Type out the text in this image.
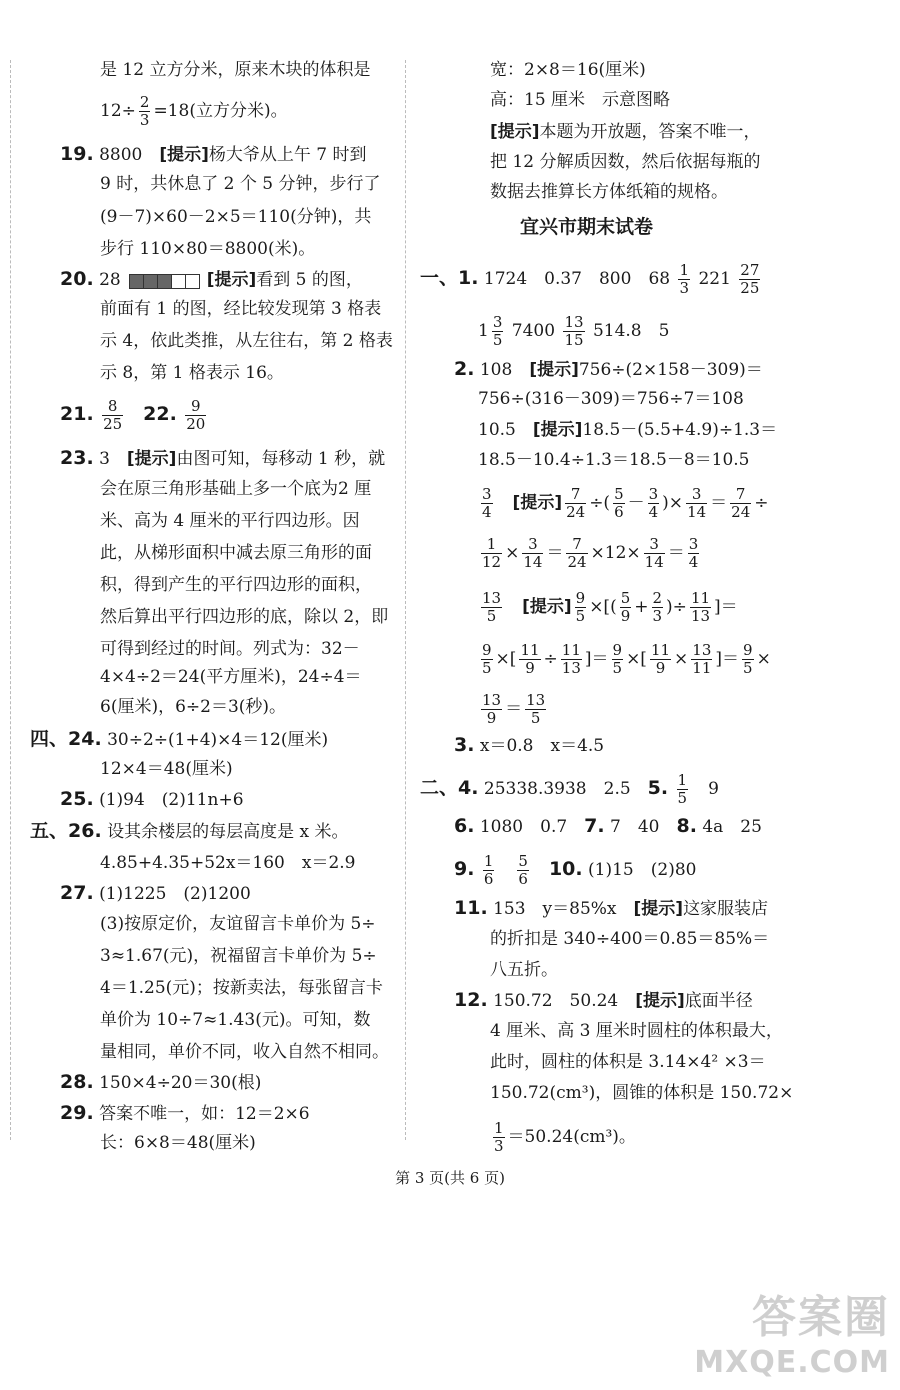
是 12 立方分米，原来木块的体积是
$12\div \frac{2}{3} =18$(立方分米)。
19. 8800　 [提示]杨大爷从上午 7 时到
9 时，共休息了 2 个 5 分钟，步行了
(9－7)×60－2×5＝110(分钟)，共
步行 110×80＝8800(米)。
20. 28	[提示]看到 5 的图，
前面有 1 的图，经比较发现第 3 格表
示 4，依此类推，从左往右，第 2 格表
示 8，第 1 格表示 16。
21. $\frac{8}{25}$
　 22. $\frac{9}{20}$
23. 3　 [提示]由图可知，每移动 1 秒，就
会在原三角形基础上多一个底为2 厘
米、高为 4 厘米的平行四边形。因
此，从梯形面积中减去原三角形的面
积，得到产生的平行四边形的面积，
然后算出平行四边形的底，除以 2，即
可得到经过的时间。列式为：32－
4×4÷2＝24(平方厘米)，24÷4＝
6(厘米)，6÷2＝3(秒)。
四、24. 30÷2÷(1+4)×4＝12(厘米)
12×4＝48(厘米)
25. (1)94　(2)11n+6
五、26. 设其余楼层的每层高度是 x 米。
4.85+4.35+52x＝160　x＝2.9
27. (1)1225　(2)1200
(3)按原定价，友谊留言卡单价为 5÷
3≈1.67(元)，祝福留言卡单价为 5÷
4＝1.25(元)；按新卖法，每张留言卡
单价为 10÷7≈1.43(元)。可知，数
量相同，单价不同，收入自然不相同。
28. 150×4÷20＝30(根)
29. 答案不唯一，如：12＝2×6
长：6×8＝48(厘米)
宽：2×8＝16(厘米)
高：15 厘米　示意图略
[提示]本题为开放题，答案不唯一，
把 12 分解质因数，然后依据每瓶的
数据去推算长方体纸箱的规格。
宜兴市期末试卷
一、1. 1724　0.37　800　$68 \frac{1}{3} 221 \frac{27}{25}$
$1 \frac{3}{5} 7400 \frac{13}{15} 514.8$　5
2. 108　 [提示]756÷(2×158－309)＝
756÷(316－309)＝756÷7＝108
10.5　 [提示]18.5－(5.5+4.9)÷1.3＝
18.5－10.4÷1.3＝18.5－8＝10.5
$\frac{3}{4}$
　 [提示] $\frac{7}{24}$ ÷( $\frac{5}{6} - \frac{3}{4}$ )× $\frac{3}{14} = \frac{7}{24}$ ÷
$\frac{1}{12} \times \frac{3}{14} = \frac{7}{24} \times 12\times \frac{3}{14} = \frac{3}{4}$
$\frac{13}{5}$
　 [提示] $\frac{9}{5}$ ×[( $\frac{5}{9} + \frac{2}{3}$ )÷ $\frac{11}{13}$ ]＝
$\frac{9}{5}$ ×[ $\frac{11}{9} \div \frac{11}{13}$ ]＝ $\frac{9}{5}$ ×[ $\frac{11}{9} \times \frac{13}{11}$ ]＝ $\frac{9}{5}$ ×
$\frac{13}{9} = \frac{13}{5}$
3. x＝0.8　x＝4.5
二、4. 25338.3938　2.5　 5. $\frac{1}{5}$
　 9
6. 1080　0.7　 7. 7　40　 8. 4a　25
9. $\frac{1}{6}$
　 $\frac{5}{6}$
　 10. (1)15　(2)80
11. 153　y＝85%x　 [提示]这家服装店
的折扣是 340÷400＝0.85＝85%＝
八五折。
12. 150.72　50.24　 [提示]底面半径
4 厘米、高 3 厘米时圆柱的体积最大，
此时，圆柱的体积是 3.14×4² ×3＝
150.72(cm³)，圆锥的体积是 150.72×
$\frac{1}{3} =50.24(cm^3)$。
第 3 页(共 6 页)
答案圈
MXQE.COM
